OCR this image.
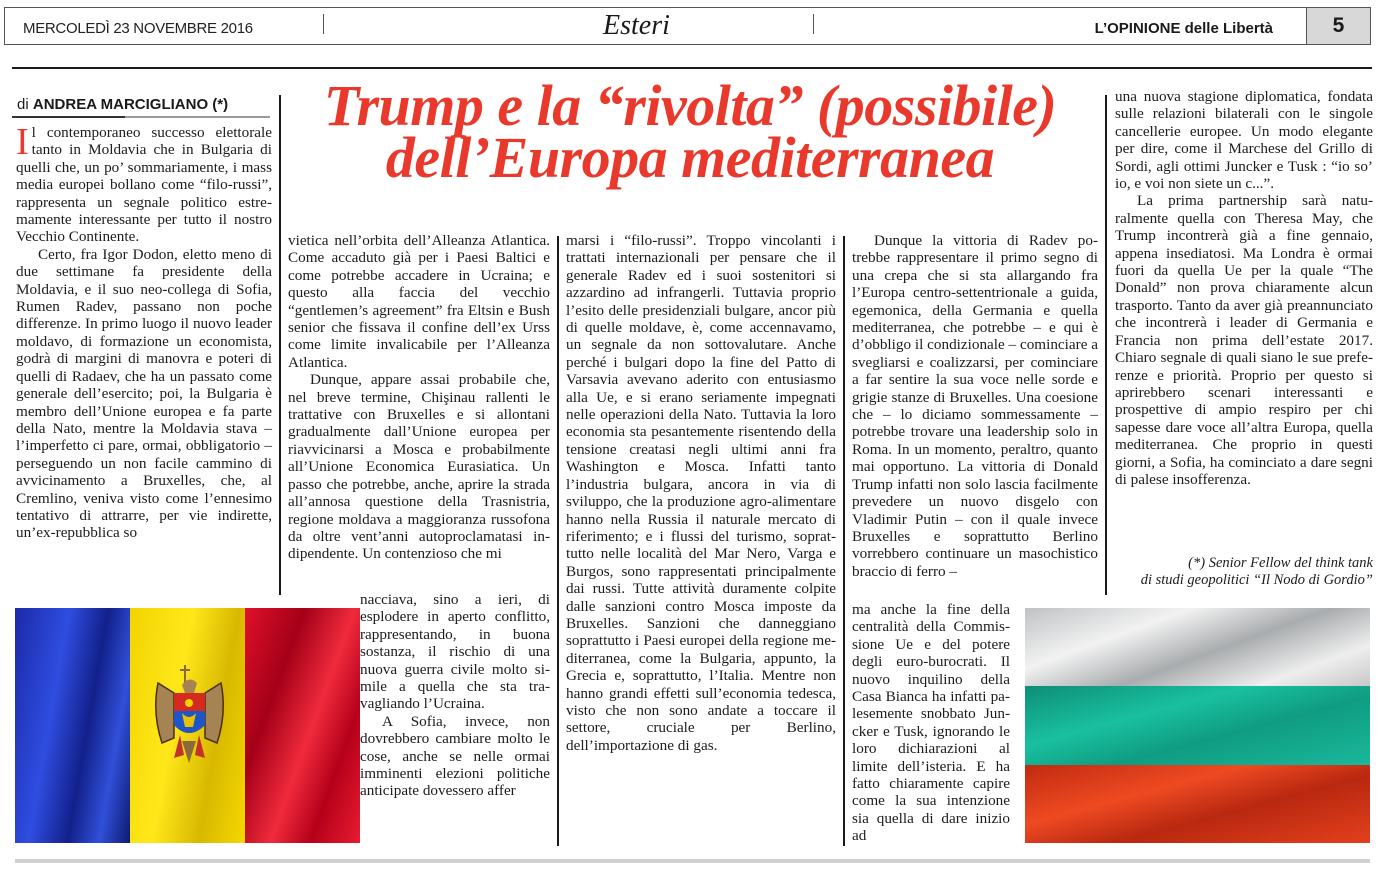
MERCOLEDÌ 23 NOVEMBRE 2016	Esteri	L’OPINIONE delle Libertà	5
di ANDREA MARCIGLIANO (*)	Trump e la “rivolta” (possibile)
dell’Europa mediterranea

Il contemporaneo successo elettorale tanto in Moldavia che in Bulgaria di quelli che, un po’ sommariamente, i mass media europei bollano come “filo-russi”, rappresenta un segnale politico estremamente interessante per tutto il nostro Vecchio Continente.

Certo, fra Igor Dodon, eletto meno di due settimane fa presidente della Moldavia, e il suo neo-collega di Sofia, Rumen Radev, passano non poche differenze. In primo luogo il nuovo leader moldavo, di formazione un economista, godrà di margini di manovra e poteri di quelli di Radaev, che ha un passato come generale dell’esercito; poi, la Bulgaria è membro dell’Unione europea e fa parte della Nato, mentre la Moldavia stava – l’imperfetto ci pare, ormai, obbligatorio – perseguendo un non facile cammino di avvicinamento a Bruxelles, che, al Cremlino, veniva visto come l’ennesimo tentativo di attrarre, per vie indirette, un’ex-repubblica so

vietica nell’orbita dell’Alleanza Atlantica. Come accaduto già per i Paesi Baltici e come potrebbe accadere in Ucraina; e questo alla faccia del vecchio “gentlemen’s agreement” fra Eltsin e Bush senior che fissava il confine dell’ex Urss come limite invalicabile per l’Alleanza Atlantica.

Dunque, appare assai probabile che, nel breve termine, Chişinau rallenti le trattative con Bruxelles e si allontani gradualmente dall’Unione europea per riavvicinarsi a Mosca e probabilmente all’Unione Economica Eurasiatica. Un passo che potrebbe, anche, aprire la strada all’annosa questione della Trasnistria, regione moldava a maggioranza russofona da oltre vent’anni autoproclamatasi indipendente. Un contenzioso che mi

nacciava, sino a ieri, di esplodere in aperto conflitto, rappresentando, in buona sostanza, il rischio di una nuova guerra civile molto simile a quella che sta travagliando l’Ucraina.

A Sofia, invece, non dovrebbero cambiare molto le cose, anche se nelle ormai imminenti elezioni politiche anticipate dovessero affer

marsi i “filo-russi”. Troppo vincolanti i trattati internazionali per pensare che il generale Radev ed i suoi sostenitori si azzardino ad infrangerli. Tuttavia proprio l’esito delle presidenziali bulgare, ancor più di quelle moldave, è, come accennavamo, un segnale da non sottovalutare. Anche perché i bulgari dopo la fine del Patto di Varsavia avevano aderito con entusiasmo alla Ue, e si erano seriamente impegnati nelle operazioni della Nato. Tuttavia la loro economia sta pesantemente risentendo della tensione creatasi negli ultimi anni fra Washington e Mosca. Infatti tanto l’industria bulgara, ancora in via di sviluppo, che la produzione agro-alimentare hanno nella Russia il naturale mercato di riferimento; e i flussi del turismo, soprattutto nelle località del Mar Nero, Varga e Burgos, sono rappresentati principalmente dai russi. Tutte attività duramente colpite dalle sanzioni contro Mosca imposte da Bruxelles. Sanzioni che danneggiano soprattutto i Paesi europei della regione mediterranea, come la Bulgaria, appunto, la Grecia e, soprattutto, l’Italia. Mentre non hanno grandi effetti sull’economia tedesca, visto che non sono andate a toccare il settore, cruciale per Berlino, dell’importazione di gas.

Dunque la vittoria di Radev potrebbe rappresentare il primo segno di una crepa che si sta allargando fra l’Europa centro-settentrionale a guida, egemonica, della Germania e quella mediterranea, che potrebbe – e qui è d’obbligo il condizionale – cominciare a svegliarsi e coalizzarsi, per cominciare a far sentire la sua voce nelle sorde e grigie stanze di Bruxelles. Una coesione che – lo diciamo sommessamente – potrebbe trovare una leadership solo in Roma. In un momento, peraltro, quanto mai opportuno. La vittoria di Donald Trump infatti non solo lascia facilmente prevedere un nuovo disgelo con Vladimir Putin – con il quale invece Bruxelles e soprattutto Berlino vorrebbero continuare un masochistico braccio di ferro –

ma anche la fine della centralità della Commissione Ue e del potere degli euro-burocrati. Il nuovo inquilino della Casa Bianca ha infatti palesemente snobbato Juncker e Tusk, ignorando le loro dichiarazioni al limite dell’isteria. E ha fatto chiaramente capire come la sua intenzione sia quella di dare inizio ad

una nuova stagione diplomatica, fondata sulle relazioni bilaterali con le singole cancellerie europee. Un modo elegante per dire, come il Marchese del Grillo di Sordi, agli ottimi Juncker e Tusk : “io so’ io, e voi non siete un c...”.

La prima partnership sarà naturalmente quella con Theresa May, che Trump incontrerà già a fine gennaio, appena insediatosi. Ma Londra è ormai fuori da quella Ue per la quale “The Donald” non prova chiaramente alcun trasporto. Tanto da aver già preannunciato che incontrerà i leader di Germania e Francia non prima dell’estate 2017. Chiaro segnale di quali siano le sue preferenze e priorità. Proprio per questo si aprirebbero scenari interessanti e prospettive di ampio respiro per chi sapesse dare voce all’altra Europa, quella mediterranea. Che proprio in questi giorni, a Sofia, ha cominciato a dare segni di palese insofferenza.

(*) Senior Fellow del think tank
di studi geopolitici “Il Nodo di Gordio”
